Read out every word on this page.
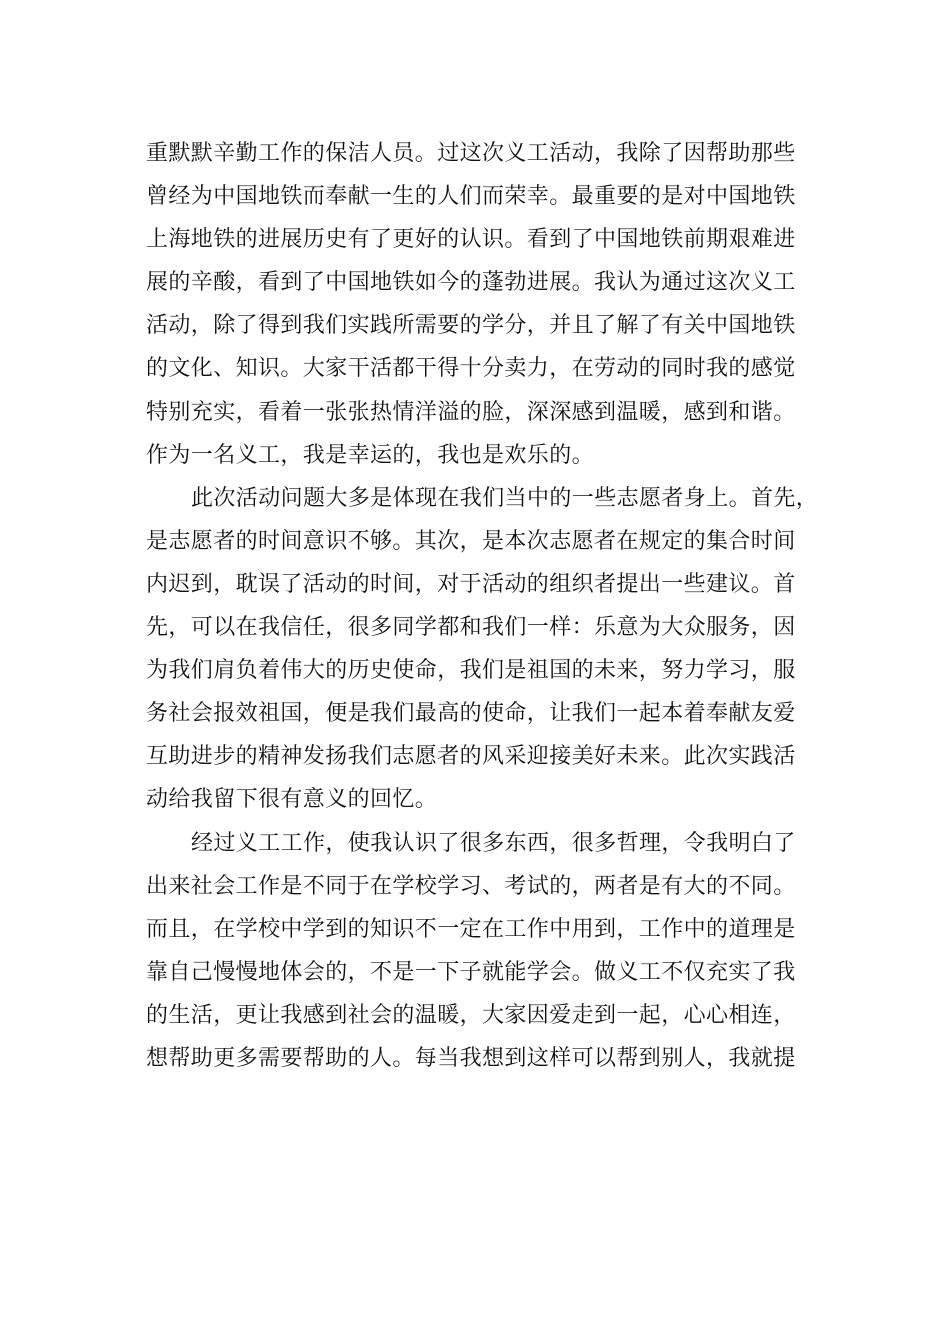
重默默辛勤工作的保洁人员。过这次义工活动，我除了因帮助那些
曾经为中国地铁而奉献一生的人们而荣幸。最重要的是对中国地铁
上海地铁的进展历史有了更好的认识。看到了中国地铁前期艰难进
展的辛酸，看到了中国地铁如今的蓬勃进展。我认为通过这次义工
活动，除了得到我们实践所需要的学分，并且了解了有关中国地铁
的文化、知识。大家干活都干得十分卖力，在劳动的同时我的感觉
特别充实，看着一张张热情洋溢的脸，深深感到温暖，感到和谐。
作为一名义工，我是幸运的，我也是欢乐的。
此次活动问题大多是体现在我们当中的一些志愿者身上。首先，
是志愿者的时间意识不够。其次，是本次志愿者在规定的集合时间
内迟到，耽误了活动的时间，对于活动的组织者提出一些建议。首
先，可以在我信任，很多同学都和我们一样：乐意为大众服务，因
为我们肩负着伟大的历史使命，我们是祖国的未来，努力学习，服
务社会报效祖国，便是我们最高的使命，让我们一起本着奉献友爱
互助进步的精神发扬我们志愿者的风采迎接美好未来。此次实践活
动给我留下很有意义的回忆。
经过义工工作，使我认识了很多东西，很多哲理，令我明白了
出来社会工作是不同于在学校学习、考试的，两者是有大的不同。
而且，在学校中学到的知识不一定在工作中用到，工作中的道理是
靠自己慢慢地体会的，不是一下子就能学会。做义工不仅充实了我
的生活，更让我感到社会的温暖，大家因爱走到一起，心心相连，
想帮助更多需要帮助的人。每当我想到这样可以帮到别人，我就提
